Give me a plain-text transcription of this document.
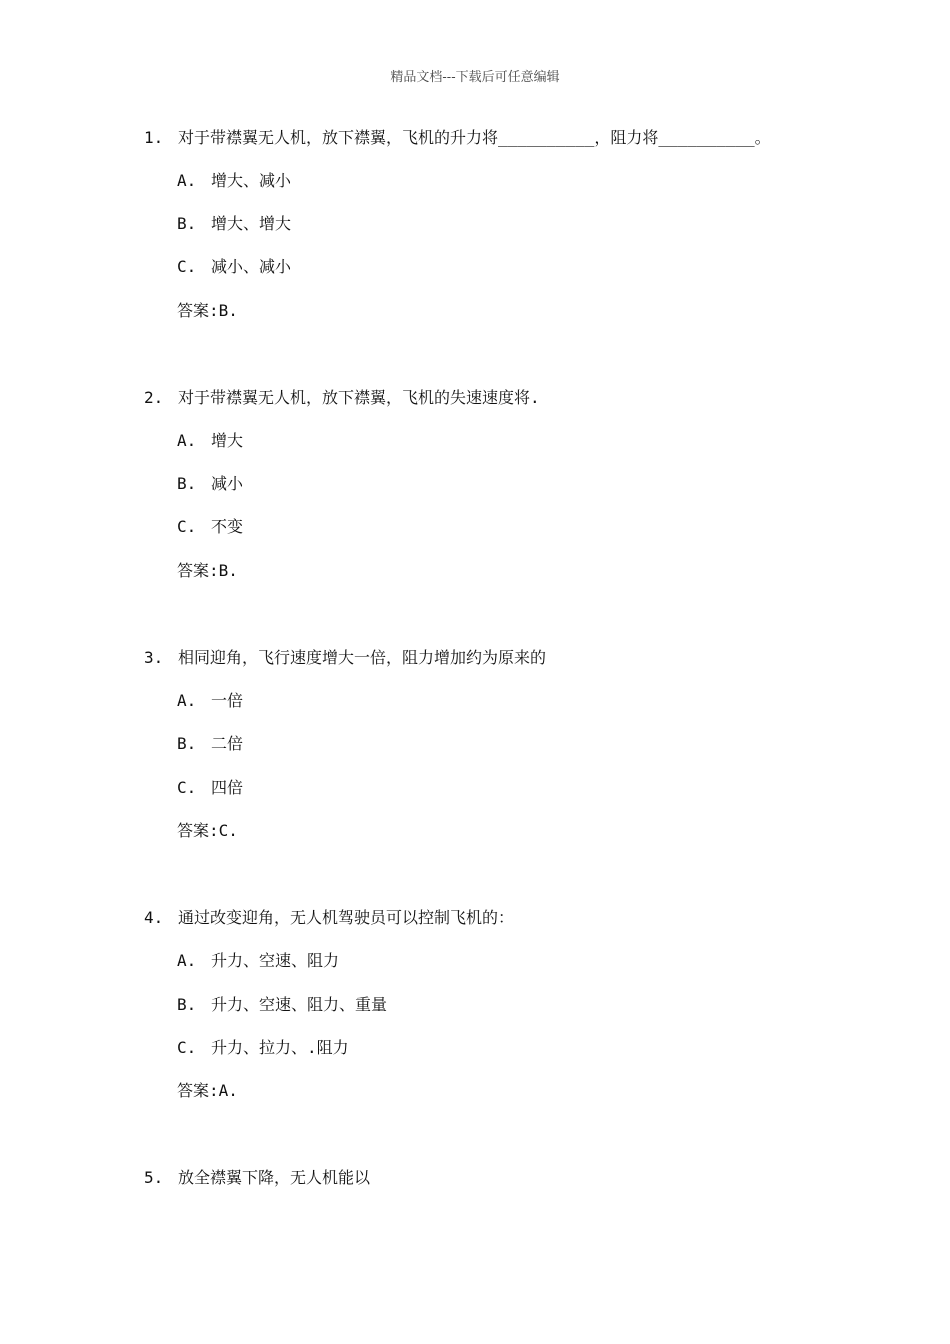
精品文档---下载后可任意编辑
1. 对于带襟翼无人机，放下襟翼，飞机的升力将__________，阻力将__________。
A. 增大、减小
B. 增大、增大
C. 减小、减小
答案:B.
2. 对于带襟翼无人机，放下襟翼，飞机的失速速度将.
A. 增大
B. 减小
C. 不变
答案:B.
3. 相同迎角，飞行速度增大一倍，阻力增加约为原来的
A. 一倍
B. 二倍
C. 四倍
答案:C.
4. 通过改变迎角，无人机驾驶员可以控制飞机的：
A. 升力、空速、阻力
B. 升力、空速、阻力、重量
C. 升力、拉力、.阻力
答案:A.
5. 放全襟翼下降，无人机能以
